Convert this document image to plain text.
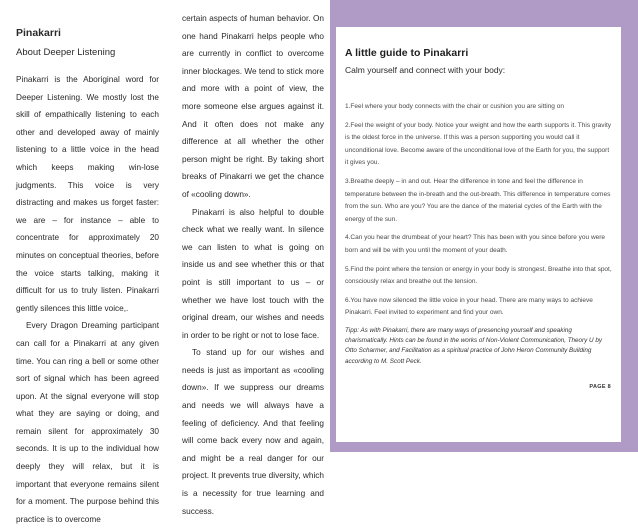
Pinakarri

About Deeper Listening

Pinakarri is the Aboriginal word for Deeper Listening. We mostly lost the skill of empathically listening to each other and developed away of mainly listening to a little voice in the head which keeps making win-lose judgments. This voice is very distracting and makes us forget faster: we are – for instance – able to concentrate for approximately 20 minutes on conceptual theories, before the voice starts talking, making it difficult for us to truly listen. Pinakarri gently silences this little voice,.

Every Dragon Dreaming participant can call for a Pinakarri at any given time. You can ring a bell or some other sort of signal which has been agreed upon. At the signal everyone will stop what they are saying or doing, and remain silent for approximately 30 seconds. It is up to the individual how deeply they will relax, but it is important that everyone remains silent for a moment. The purpose behind this practice is to overcome

certain aspects of human behavior. On one hand Pinakarri helps people who are currently in conflict to overcome inner blockages. We tend to stick more and more with a point of view, the more someone else argues against it. And it often does not make any difference at all whether the other person might be right. By taking short breaks of Pinakarri we get the chance of «cooling down».

Pinakarri is also helpful to double check what we really want. In silence we can listen to what is going on inside us and see whether this or that point is still important to us – or whether we have lost touch with the original dream, our wishes and needs in order to be right or not to lose face.

To stand up for our wishes and needs is just as important as «cooling down». If we suppress our dreams and needs we will always have a feeling of deficiency. And that feeling will come back every now and again, and might be a real danger for our project. It prevents true diversity, which is a necessity for true learning and success.

A little guide to Pinakarri

Calm yourself and connect with your body:

1.Feel where your body connects with the chair or cushion you are sitting on

2.Feel the weight of your body. Notice your weight and how the earth supports it. This gravity is the oldest force in the universe. If this was a person supporting you would call it unconditional love. Become aware of the unconditional love of the Earth for you, the support it gives you.

3.Breathe deeply – in and out. Hear the difference in tone and feel the difference in temperature between the in-breath and the out-breath. This difference in temperature comes from the sun. Who are you? You are the dance of the material cycles of the Earth with the energy of the sun.

4.Can you hear the drumbeat of your heart? This has been with you since before you were born and will be with you until the moment of your death.

5.Find the point where the tension or energy in your body is strongest. Breathe into that spot, consciously relax and breathe out the tension.

6.You have now silenced the little voice in your head. There are many ways to achieve Pinakarri. Feel invited to experiment and find your own.

Tipp: As with Pinakarri, there are many ways of presencing yourself and speaking charismatically. Hints can be found in the works of Non-Violent Communication, Theory U by Otto Scharmer, and Facilitation as a spiritual practice of John Heron Community Building according to M. Scott Peck.

PAGE 8
